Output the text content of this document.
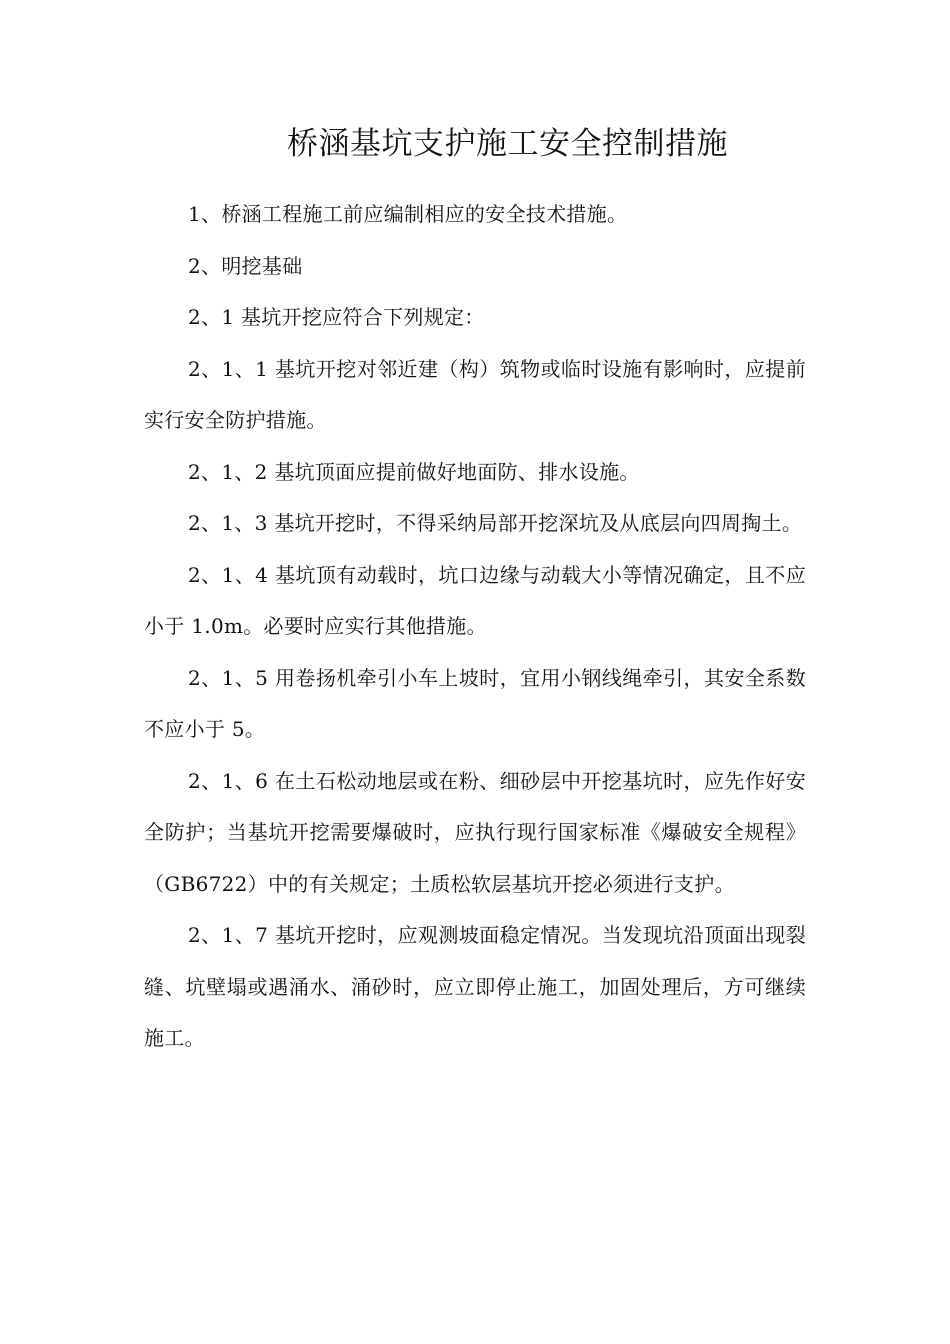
桥涵基坑支护施工安全控制措施

1、桥涵工程施工前应编制相应的安全技术措施。

2、明挖基础

2、1 基坑开挖应符合下列规定：

2、1、1 基坑开挖对邻近建（构）筑物或临时设施有影响时，应提前实行安全防护措施。

2、1、2 基坑顶面应提前做好地面防、排水设施。

2、1、3 基坑开挖时，不得采纳局部开挖深坑及从底层向四周掏土。

2、1、4 基坑顶有动载时，坑口边缘与动载大小等情况确定，且不应小于 1.0m。必要时应实行其他措施。

2、1、5 用卷扬机牵引小车上坡时，宜用小钢线绳牵引，其安全系数不应小于 5。

2、1、6 在土石松动地层或在粉、细砂层中开挖基坑时，应先作好安全防护；当基坑开挖需要爆破时，应执行现行国家标准《爆破安全规程》（GB6722）中的有关规定；土质松软层基坑开挖必须进行支护。

2、1、7 基坑开挖时，应观测坡面稳定情况。当发现坑沿顶面出现裂缝、坑壁塌或遇涌水、涌砂时，应立即停止施工，加固处理后，方可继续施工。
